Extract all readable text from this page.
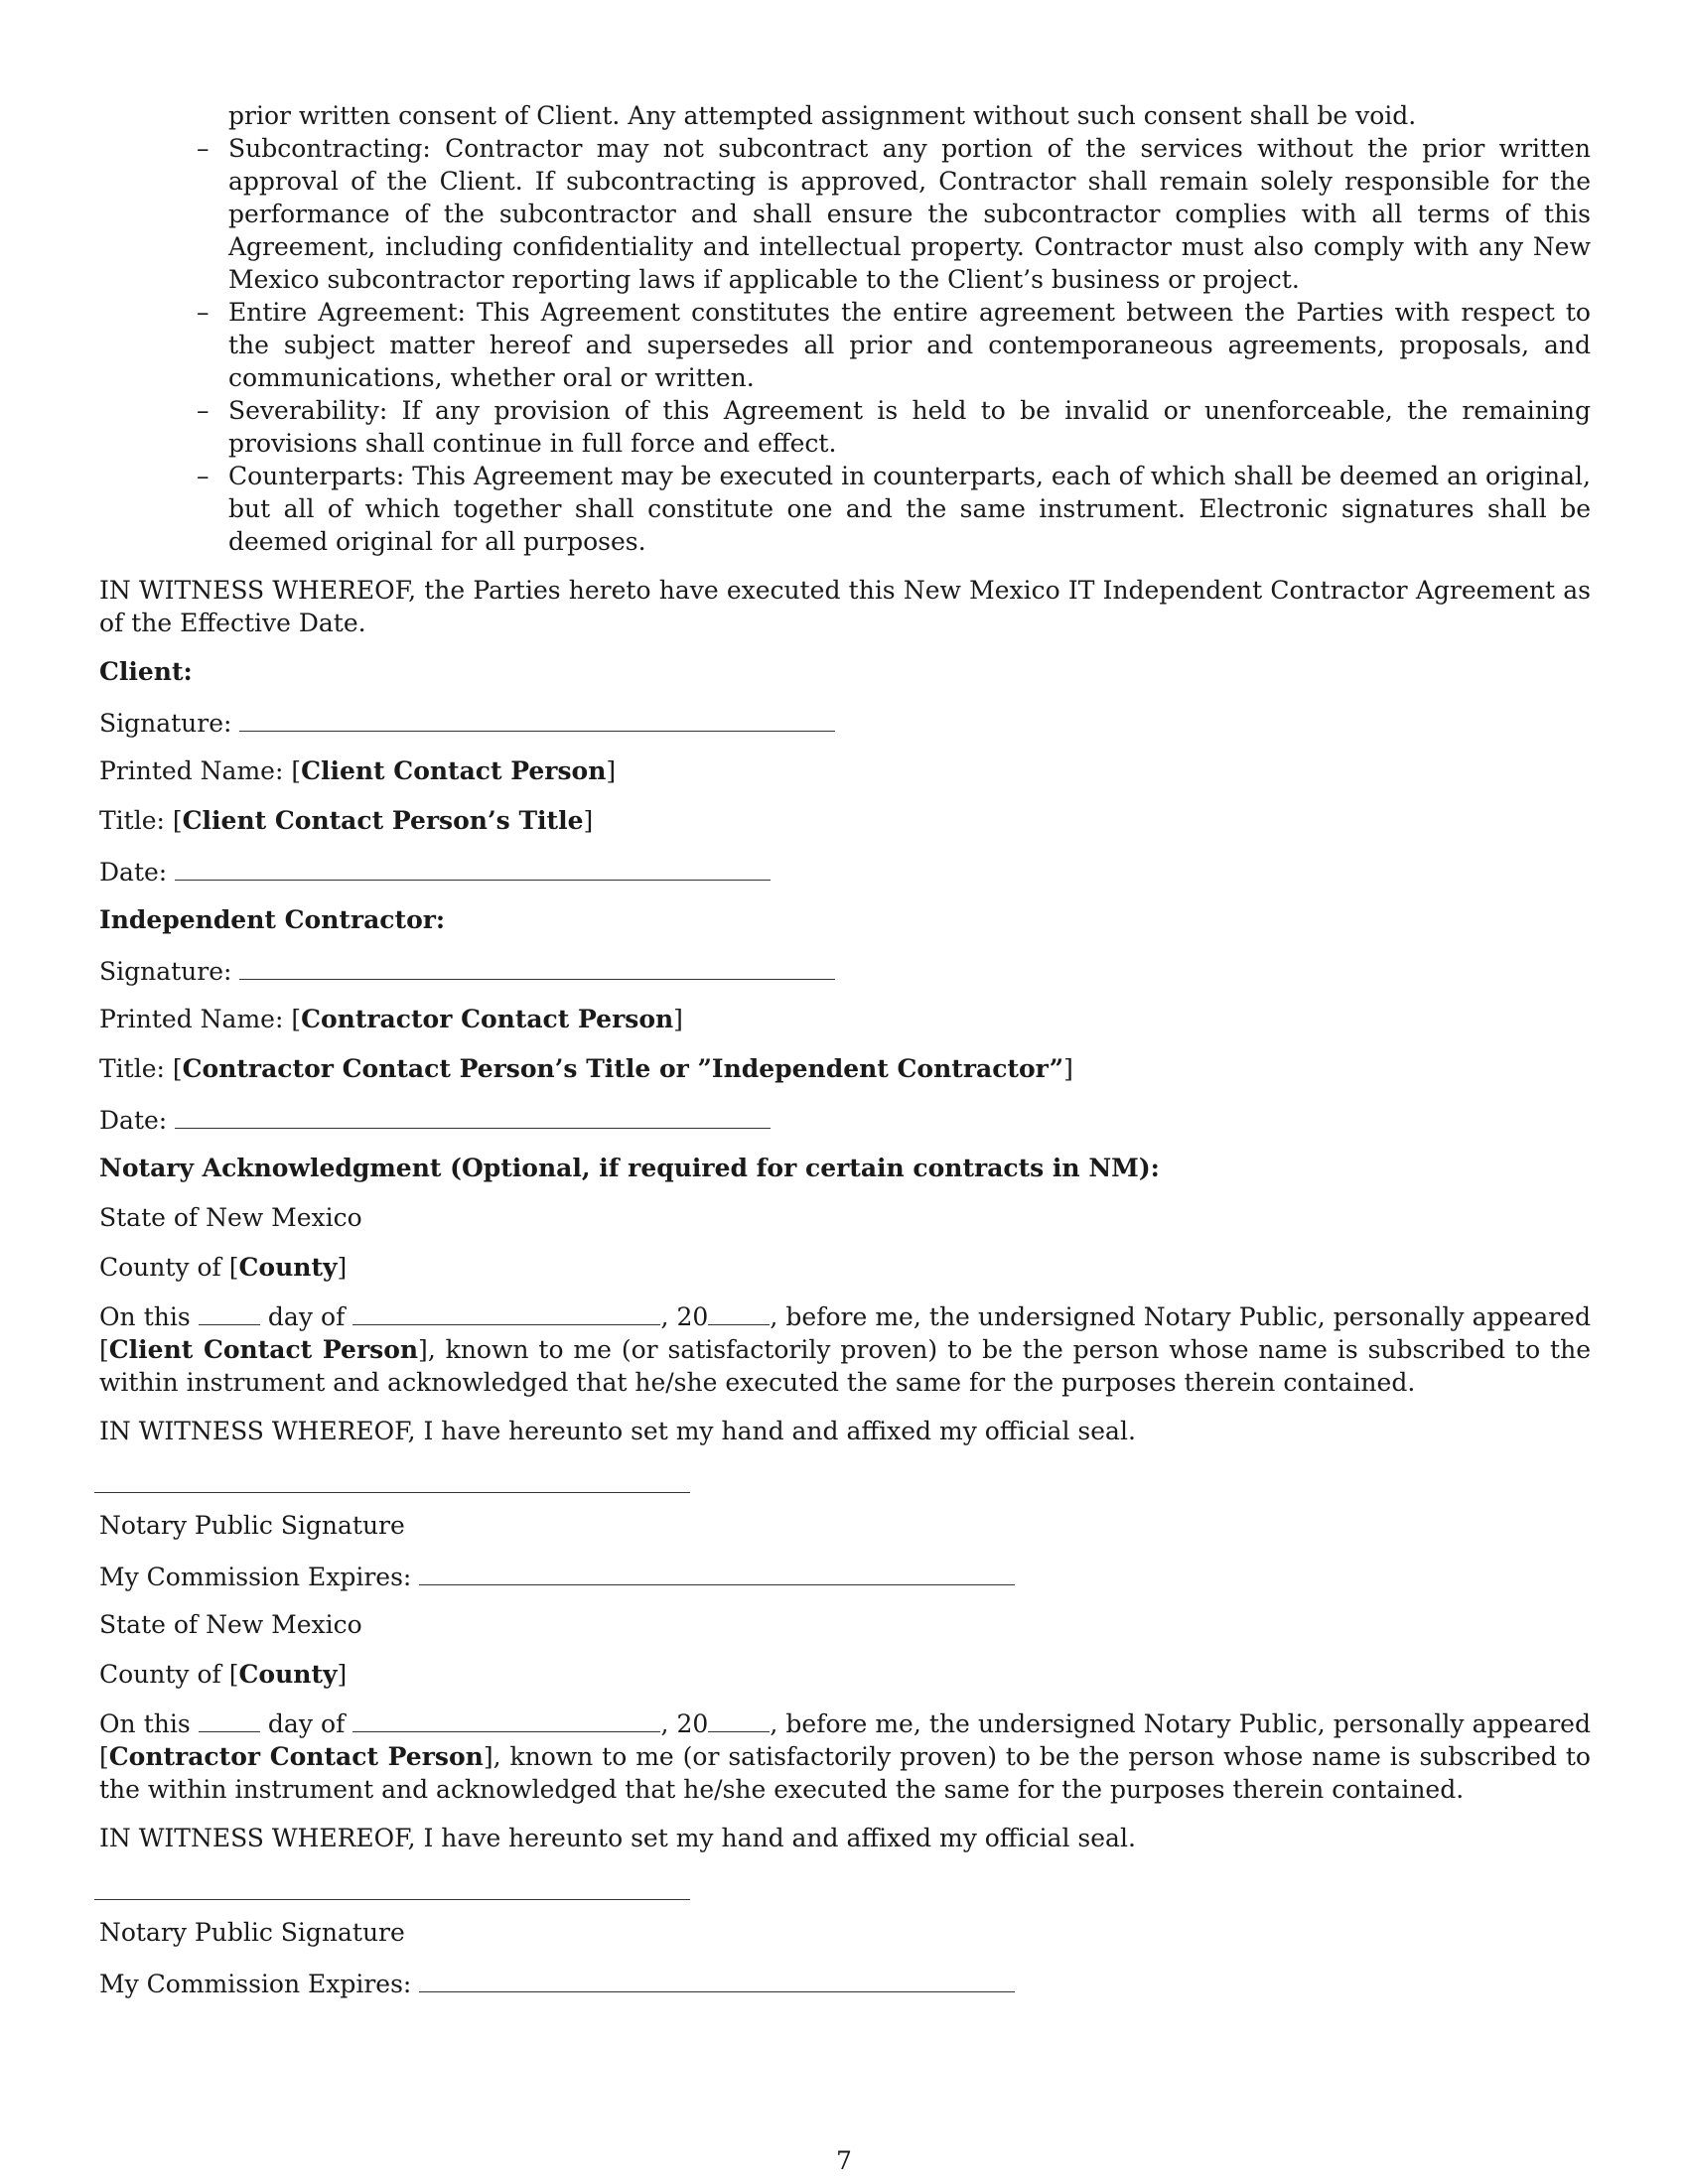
prior written consent of Client. Any attempted assignment without such consent shall be void.

– Subcontracting: Contractor may not subcontract any portion of the services without the prior written approval of the Client. If subcontracting is approved, Contractor shall remain solely responsible for the performance of the subcontractor and shall ensure the subcontractor complies with all terms of this Agreement, including confidentiality and intellectual property. Contractor must also comply with any New Mexico subcontractor reporting laws if applicable to the Client’s business or project.
– Entire Agreement: This Agreement constitutes the entire agreement between the Parties with respect to the subject matter hereof and supersedes all prior and contemporaneous agreements, proposals, and communications, whether oral or written.
– Severability: If any provision of this Agreement is held to be invalid or unenforceable, the remaining provisions shall continue in full force and effect.
– Counterparts: This Agreement may be executed in counterparts, each of which shall be deemed an original, but all of which together shall constitute one and the same instrument. Electronic signatures shall be deemed original for all purposes.

IN WITNESS WHEREOF, the Parties hereto have executed this New Mexico IT Independent Contractor Agreement as of the Effective Date.

Client:
Signature:
Printed Name: [Client Contact Person]
Title: [Client Contact Person’s Title]
Date:
Independent Contractor:
Signature:
Printed Name: [Contractor Contact Person]
Title: [Contractor Contact Person’s Title or ”Independent Contractor”]
Date:
Notary Acknowledgment (Optional, if required for certain contracts in NM):
State of New Mexico
County of [County]

On this	day of	, 20 , before me, the undersigned Notary Public, personally appeared [Client Contact Person], known to me (or satisfactorily proven) to be the person whose name is subscribed to the within instrument and acknowledged that he/she executed the same for the purposes therein contained.

IN WITNESS WHEREOF, I have hereunto set my hand and affixed my official seal.

Notary Public Signature
My Commission Expires:
State of New Mexico
County of [County]

On this	day of	, 20 , before me, the undersigned Notary Public, personally appeared [Contractor Contact Person], known to me (or satisfactorily proven) to be the person whose name is subscribed to the within instrument and acknowledged that he/she executed the same for the purposes therein contained.

IN WITNESS WHEREOF, I have hereunto set my hand and affixed my official seal.

Notary Public Signature
My Commission Expires:
7
